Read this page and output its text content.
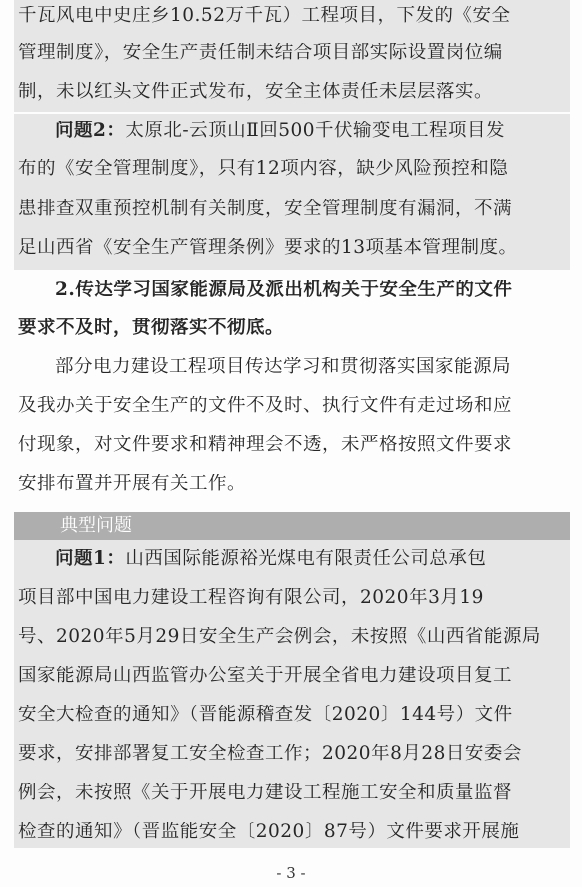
千瓦风电中史庄乡10.52万千瓦）工程项目，下发的《安全
管理制度》，安全生产责任制未结合项目部实际设置岗位编
制，未以红头文件正式发布，安全主体责任未层层落实。
问题2：太原北-云顶山Ⅱ回500千伏输变电工程项目发
布的《安全管理制度》，只有12项内容，缺少风险预控和隐
患排查双重预控机制有关制度，安全管理制度有漏洞，不满
足山西省《安全生产管理条例》要求的13项基本管理制度。
2.传达学习国家能源局及派出机构关于安全生产的文件
要求不及时，贯彻落实不彻底。
部分电力建设工程项目传达学习和贯彻落实国家能源局
及我办关于安全生产的文件不及时、执行文件有走过场和应
付现象，对文件要求和精神理会不透，未严格按照文件要求
安排布置并开展有关工作。
典型问题
问题1：山西国际能源裕光煤电有限责任公司总承包
项目部中国电力建设工程咨询有限公司，2020年3月19
号、2020年5月29日安全生产会例会，未按照《山西省能源局
国家能源局山西监管办公室关于开展全省电力建设项目复工
安全大检查的通知》（晋能源稽查发〔2020〕144号）文件
要求，安排部署复工安全检查工作；2020年8月28日安委会
例会，未按照《关于开展电力建设工程施工安全和质量监督
检查的通知》（晋监能安全〔2020〕87号）文件要求开展施
- 3 -
